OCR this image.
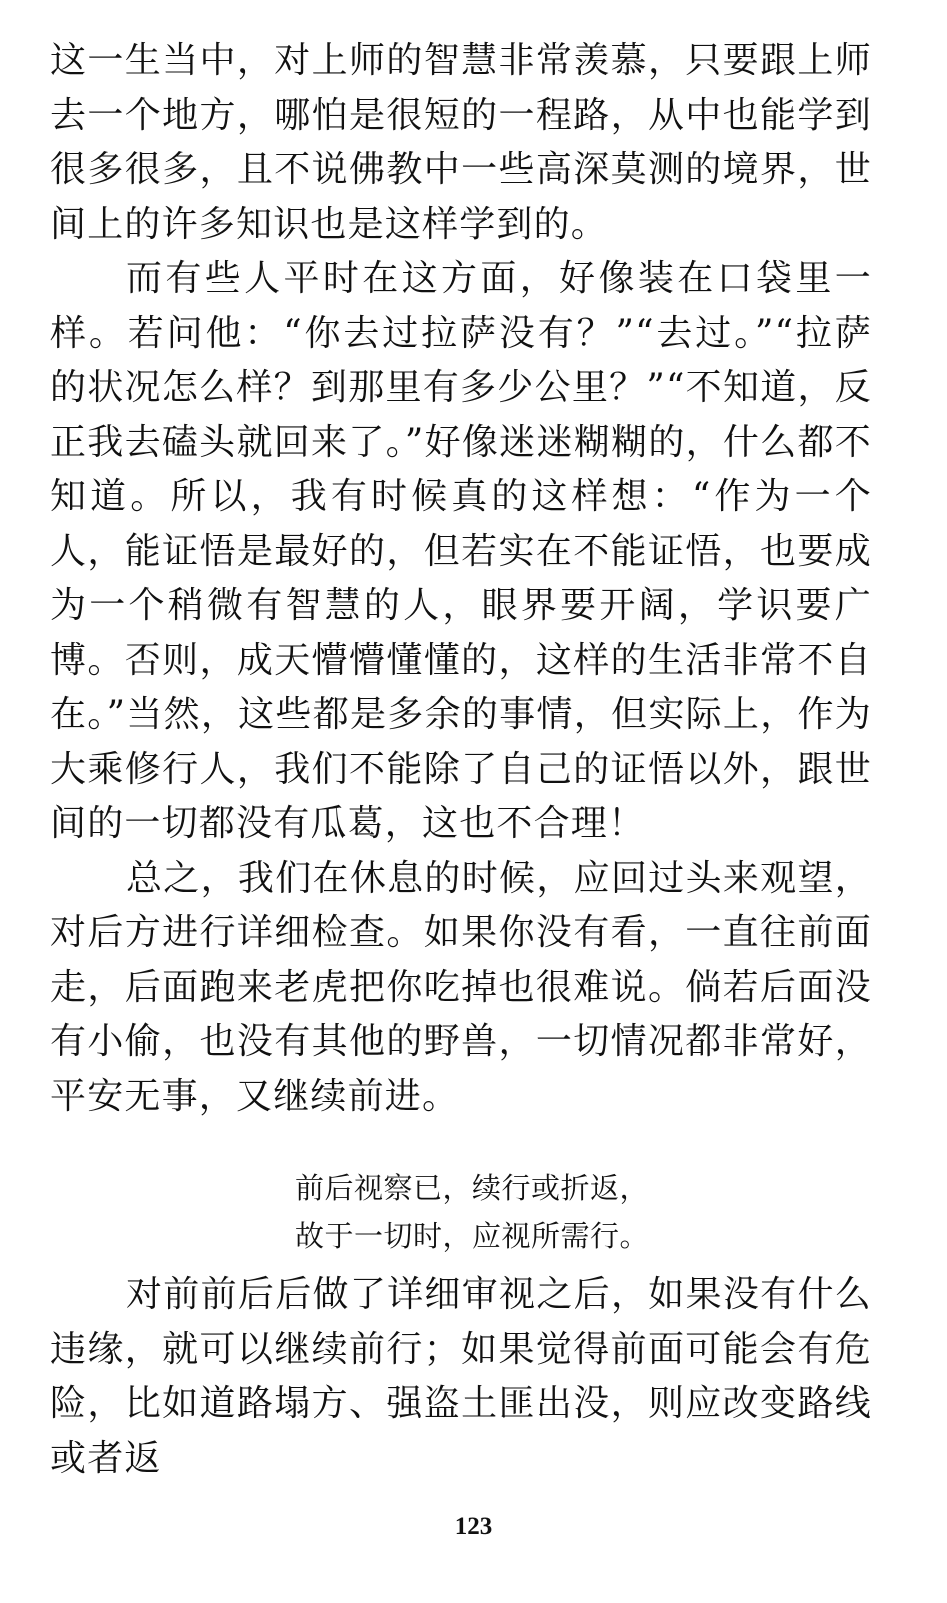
这一生当中，对上师的智慧非常羡慕，只要跟上师去一个地方，哪怕是很短的一程路，从中也能学到很多很多，且不说佛教中一些高深莫测的境界，世间上的许多知识也是这样学到的。

而有些人平时在这方面，好像装在口袋里一样。若问他：“你去过拉萨没有？”“去过。”“拉萨的状况怎么样？到那里有多少公里？”“不知道，反正我去磕头就回来了。”好像迷迷糊糊的，什么都不知道。所以，我有时候真的这样想：“作为一个人，能证悟是最好的，但若实在不能证悟，也要成为一个稍微有智慧的人，眼界要开阔，学识要广博。否则，成天懵懵懂懂的，这样的生活非常不自在。”当然，这些都是多余的事情，但实际上，作为大乘修行人，我们不能除了自己的证悟以外，跟世间的一切都没有瓜葛，这也不合理！

总之，我们在休息的时候，应回过头来观望，对后方进行详细检查。如果你没有看，一直往前面走，后面跑来老虎把你吃掉也很难说。倘若后面没有小偷，也没有其他的野兽，一切情况都非常好，平安无事，又继续前进。

前后视察已，续行或折返，

故于一切时，应视所需行。

对前前后后做了详细审视之后，如果没有什么违缘，就可以继续前行；如果觉得前面可能会有危险，比如道路塌方、强盗土匪出没，则应改变路线或者返

123
